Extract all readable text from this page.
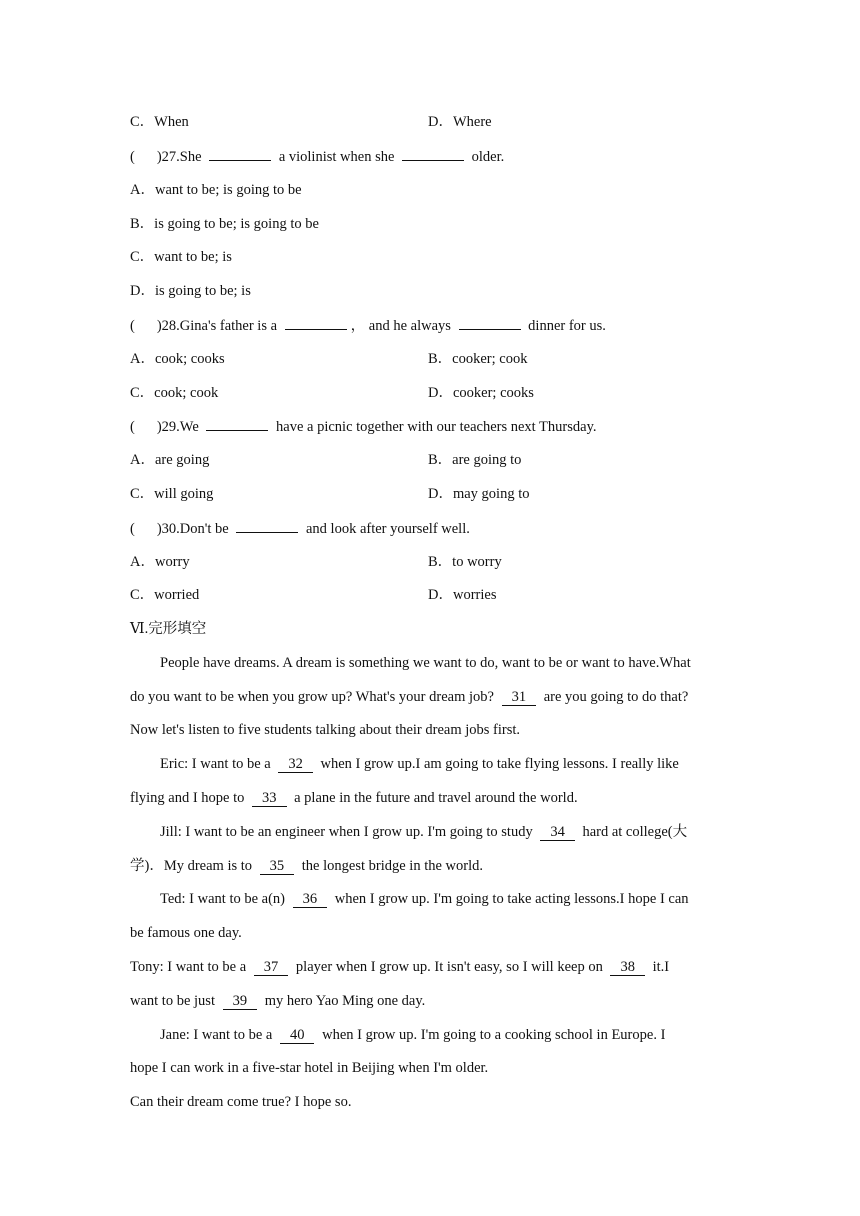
C．When	D．Where
( )27.She	a violinist when she	older.
A．want to be; is going to be
B．is going to be; is going to be
C．want to be; is
D．is going to be; is
( )28.Gina's father is a	， and he always	dinner for us.
A．cook; cooks	B．cooker; cook
C．cook; cook	D．cooker; cooks
( )29.We	have a picnic together with our teachers next Thursday.
A．are going	B．are going to
C．will going	D．may going to
( )30.Don't be	and look after yourself well.
A．worry	B．to worry
C．worried	D．worries
Ⅵ.完形填空
People have dreams. A dream is something we want to do, want to be or want to have.What
do you want to be when you grow up? What's your dream job? 31 are you going to do that?
Now let's listen to five students talking about their dream jobs first.
Eric: I want to be a 32 when I grow up.I am going to take flying lessons. I really like
flying and I hope to 33 a plane in the future and travel around the world.
Jill: I want to be an engineer when I grow up. I'm going to study 34 hard at college(大
学)．My dream is to 35 the longest bridge in the world.
Ted: I want to be a(n) 36 when I grow up. I'm going to take acting lessons.I hope I can
be famous one day.
Tony: I want to be a 37 player when I grow up. It isn't easy, so I will keep on 38 it.I
want to be just 39 my hero Yao Ming one day.
Jane: I want to be a 40 when I grow up. I'm going to a cooking school in Europe. I
hope I can work in a five-star hotel in Beijing when I'm older.
Can their dream come true? I hope so.
